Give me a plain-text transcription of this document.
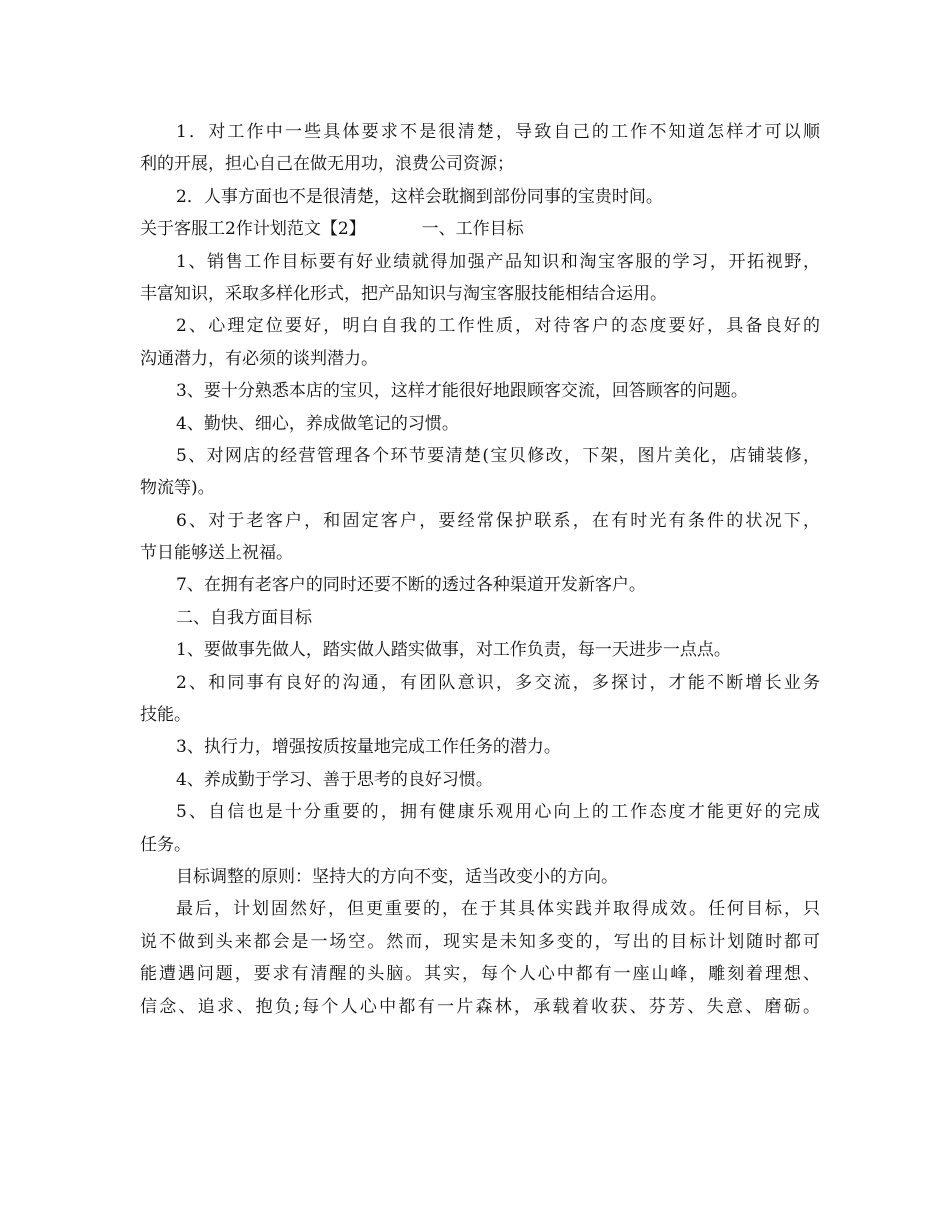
1．对工作中一些具体要求不是很清楚，导致自己的工作不知道怎样才可以顺
利的开展，担心自己在做无用功，浪费公司资源；
2．人事方面也不是很清楚，这样会耽搁到部份同事的宝贵时间。
关于客服工2作计划范文【2】	一、工作目标
1、销售工作目标要有好业绩就得加强产品知识和淘宝客服的学习，开拓视野，
丰富知识，采取多样化形式，把产品知识与淘宝客服技能相结合运用。
2、心理定位要好，明白自我的工作性质，对待客户的态度要好，具备良好的
沟通潜力，有必须的谈判潜力。
3、要十分熟悉本店的宝贝，这样才能很好地跟顾客交流，回答顾客的问题。
4、勤快、细心，养成做笔记的习惯。
5、对网店的经营管理各个环节要清楚(宝贝修改，下架，图片美化，店铺装修，
物流等)。
6、对于老客户，和固定客户，要经常保护联系，在有时光有条件的状况下，
节日能够送上祝福。
7、在拥有老客户的同时还要不断的透过各种渠道开发新客户。
二、自我方面目标
1、要做事先做人，踏实做人踏实做事，对工作负责，每一天进步一点点。
2、和同事有良好的沟通，有团队意识，多交流，多探讨，才能不断增长业务
技能。
3、执行力，增强按质按量地完成工作任务的潜力。
4、养成勤于学习、善于思考的良好习惯。
5、自信也是十分重要的，拥有健康乐观用心向上的工作态度才能更好的完成
任务。
目标调整的原则：坚持大的方向不变，适当改变小的方向。
最后，计划固然好，但更重要的，在于其具体实践并取得成效。任何目标，只
说不做到头来都会是一场空。然而，现实是未知多变的，写出的目标计划随时都可
能遭遇问题，要求有清醒的头脑。其实，每个人心中都有一座山峰，雕刻着理想、
信念、追求、抱负;每个人心中都有一片森林，承载着收获、芬芳、失意、磨砺。
